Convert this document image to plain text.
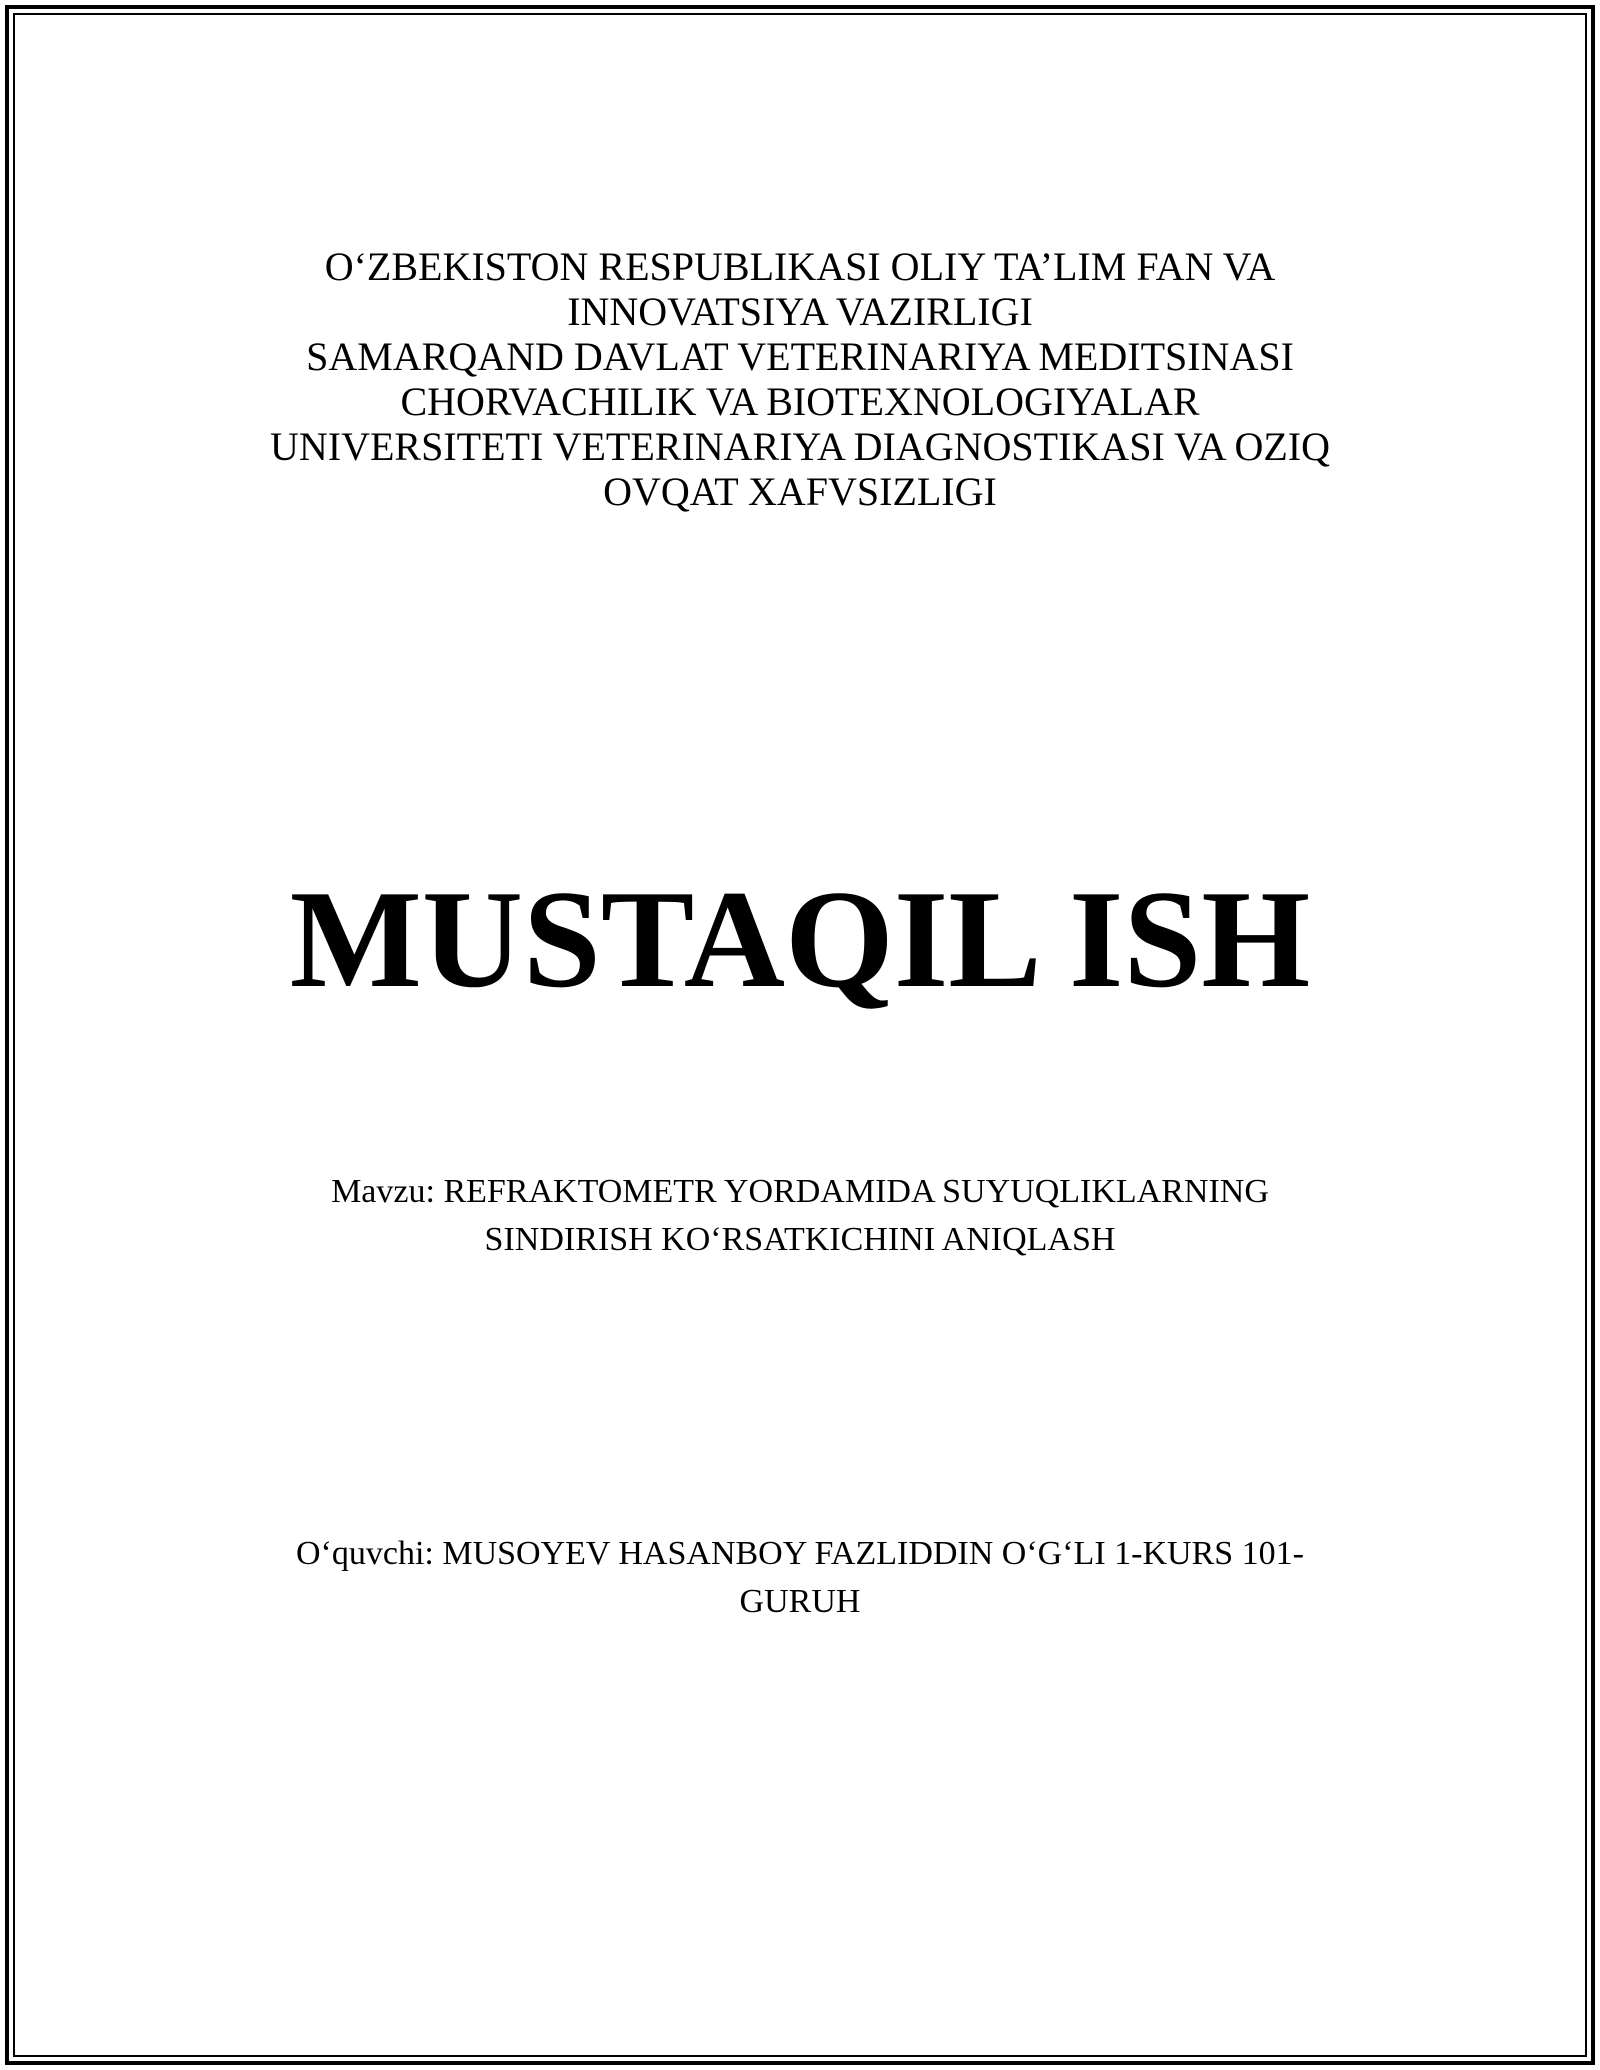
O‘ZBEKISTON RESPUBLIKASI OLIY TA’LIM FAN VA
INNOVATSIYA VAZIRLIGI
SAMARQAND DAVLAT VETERINARIYA MEDITSINASI
CHORVACHILIK VA BIOTEXNOLOGIYALAR
UNIVERSITETI VETERINARIYA DIAGNOSTIKASI VA OZIQ
OVQAT XAFVSIZLIGI
MUSTAQIL ISH
Mavzu: REFRAKTOMETR YORDAMIDA SUYUQLIKLARNING
SINDIRISH KO‘RSATKICHINI ANIQLASH
O‘quvchi: MUSOYEV HASANBOY FAZLIDDIN O‘G‘LI 1-KURS 101-
GURUH
